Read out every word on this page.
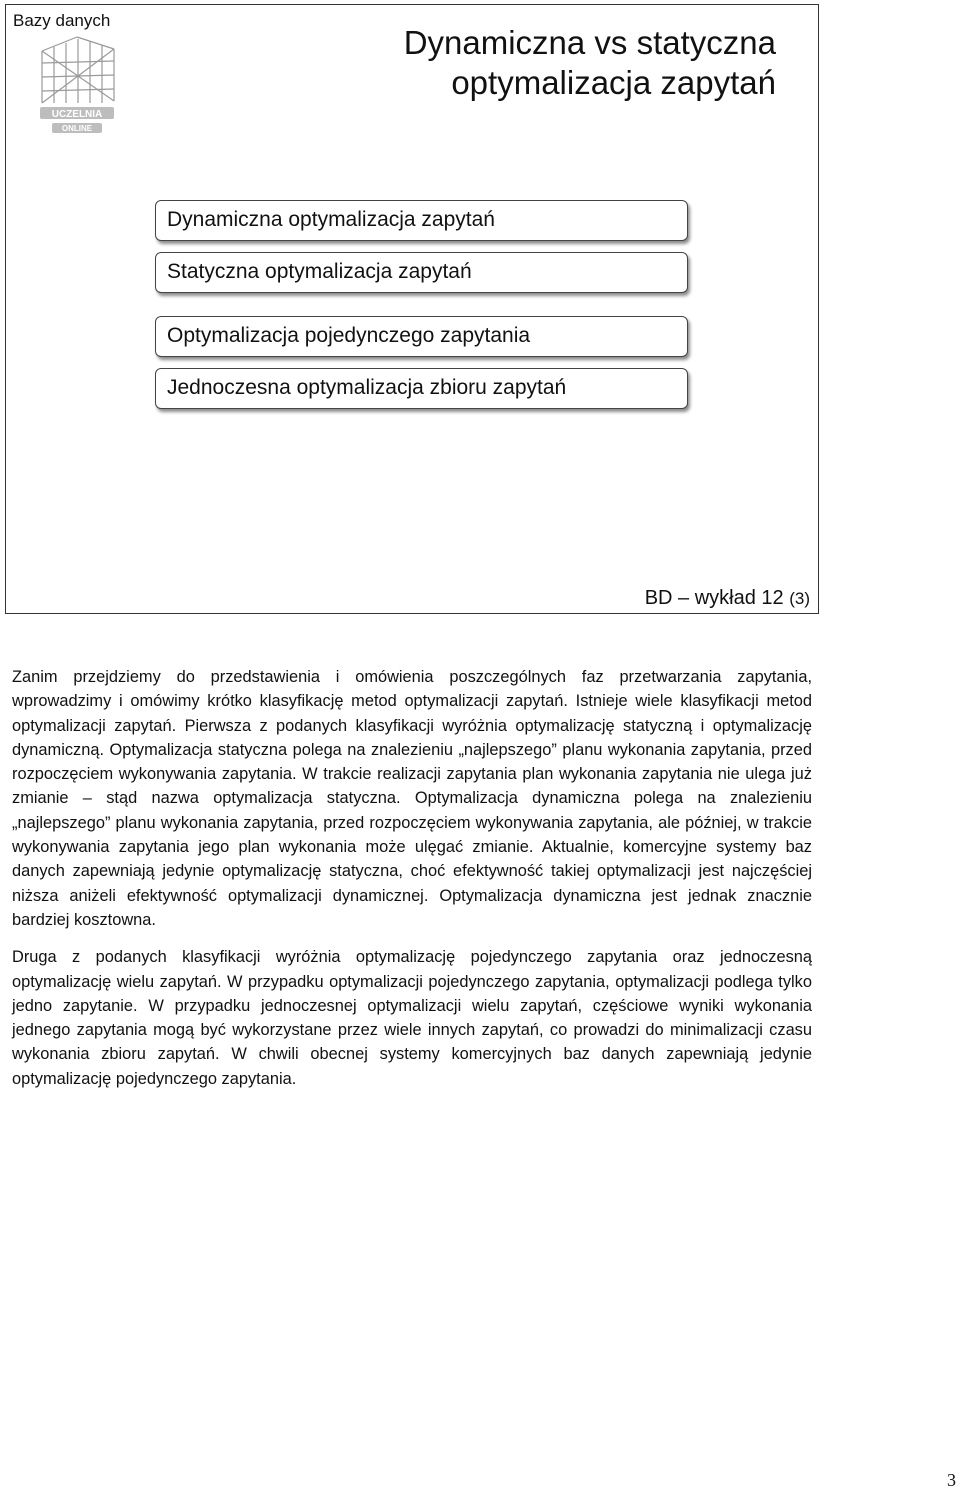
Bazy danych
UCZELNIA
ONLINE
Dynamiczna vs statyczna optymalizacja zapytań
Dynamiczna optymalizacja zapytań
Statyczna optymalizacja zapytań
Optymalizacja pojedynczego zapytania
Jednoczesna optymalizacja zbioru zapytań
BD – wykład 12 (3)

Zanim przejdziemy do przedstawienia i omówienia poszczególnych faz przetwarzania zapytania, wprowadzimy i omówimy krótko klasyfikację metod optymalizacji zapytań. Istnieje wiele klasyfikacji metod optymalizacji zapytań. Pierwsza z podanych klasyfikacji wyróżnia optymalizację statyczną i optymalizację dynamiczną. Optymalizacja statyczna polega na znalezieniu „najlepszego” planu wykonania zapytania, przed rozpoczęciem wykonywania zapytania. W trakcie realizacji zapytania plan wykonania zapytania nie ulega już zmianie – stąd nazwa optymalizacja statyczna. Optymalizacja dynamiczna polega na znalezieniu „najlepszego” planu wykonania zapytania, przed rozpoczęciem wykonywania zapytania, ale później, w trakcie wykonywania zapytania jego plan wykonania może ulęgać zmianie. Aktualnie, komercyjne systemy baz danych zapewniają jedynie optymalizację statyczna, choć efektywność takiej optymalizacji jest najczęściej niższa aniżeli efektywność optymalizacji dynamicznej. Optymalizacja dynamiczna jest jednak znacznie bardziej kosztowna.

Druga z podanych klasyfikacji wyróżnia optymalizację pojedynczego zapytania oraz jednoczesną optymalizację wielu zapytań. W przypadku optymalizacji pojedynczego zapytania, optymalizacji podlega tylko jedno zapytanie. W przypadku jednoczesnej optymalizacji wielu zapytań, częściowe wyniki wykonania jednego zapytania mogą być wykorzystane przez wiele innych zapytań, co prowadzi do minimalizacji czasu wykonania zbioru zapytań. W chwili obecnej systemy komercyjnych baz danych zapewniają jedynie optymalizację pojedynczego zapytania.

3
